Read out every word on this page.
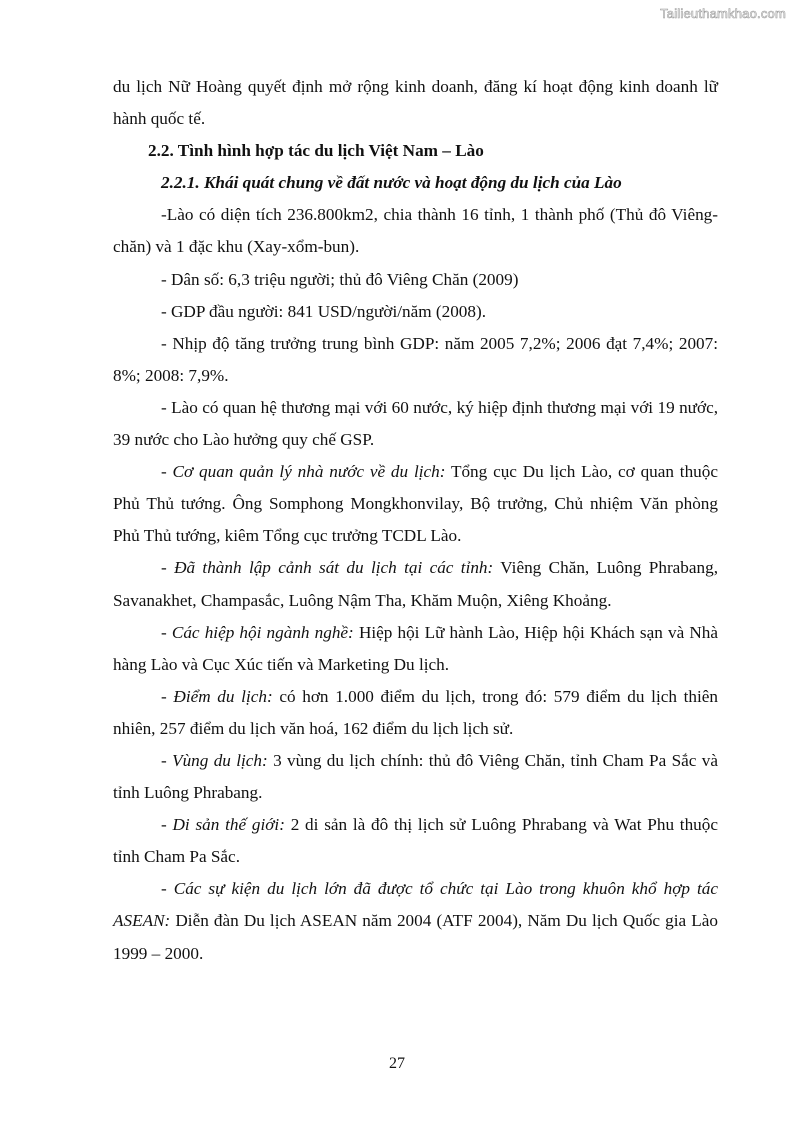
Tailieuthamkhao.com

du lịch Nữ Hoàng quyết định mở rộng kinh doanh, đăng kí hoạt động kinh doanh lữ hành quốc tế.

2.2. Tình hình hợp tác du lịch Việt Nam – Lào

2.2.1. Khái quát chung về đất nước và hoạt động du lịch của Lào

-Lào có diện tích 236.800km2, chia thành 16 tỉnh, 1 thành phố (Thủ đô Viêng-chăn) và 1 đặc khu (Xay-xổm-bun).

- Dân số: 6,3 triệu người; thủ đô Viêng Chăn (2009)

- GDP đầu người: 841 USD/người/năm (2008).

- Nhịp độ tăng trưởng trung bình GDP: năm 2005 7,2%; 2006 đạt 7,4%; 2007: 8%; 2008: 7,9%.

- Lào có quan hệ thương mại với 60 nước, ký hiệp định thương mại với 19 nước, 39 nước cho Lào hưởng quy chế GSP.

- Cơ quan quản lý nhà nước về du lịch: Tổng cục Du lịch Lào, cơ quan thuộc Phủ Thủ tướng. Ông Somphong Mongkhonvilay, Bộ trưởng, Chủ nhiệm Văn phòng Phủ Thủ tướng, kiêm Tổng cục trưởng TCDL Lào.

- Đã thành lập cảnh sát du lịch tại các tỉnh: Viêng Chăn, Luông Phrabang, Savanakhet, Champasắc, Luông Nậm Tha, Khăm Muộn, Xiêng Khoảng.

- Các hiệp hội ngành nghề: Hiệp hội Lữ hành Lào, Hiệp hội Khách sạn và Nhà hàng Lào và Cục Xúc tiến và Marketing Du lịch.

- Điểm du lịch: có hơn 1.000 điểm du lịch, trong đó: 579 điểm du lịch thiên nhiên, 257 điểm du lịch văn hoá, 162 điểm du lịch lịch sử.

- Vùng du lịch: 3 vùng du lịch chính: thủ đô Viêng Chăn, tỉnh Cham Pa Sắc và tỉnh Luông Phrabang.

- Di sản thế giới: 2 di sản là đô thị lịch sử Luông Phrabang và Wat Phu thuộc tỉnh Cham Pa Sắc.

- Các sự kiện du lịch lớn đã được tổ chức tại Lào trong khuôn khổ hợp tác ASEAN: Diễn đàn Du lịch ASEAN năm 2004 (ATF 2004), Năm Du lịch Quốc gia Lào 1999 – 2000.

27
